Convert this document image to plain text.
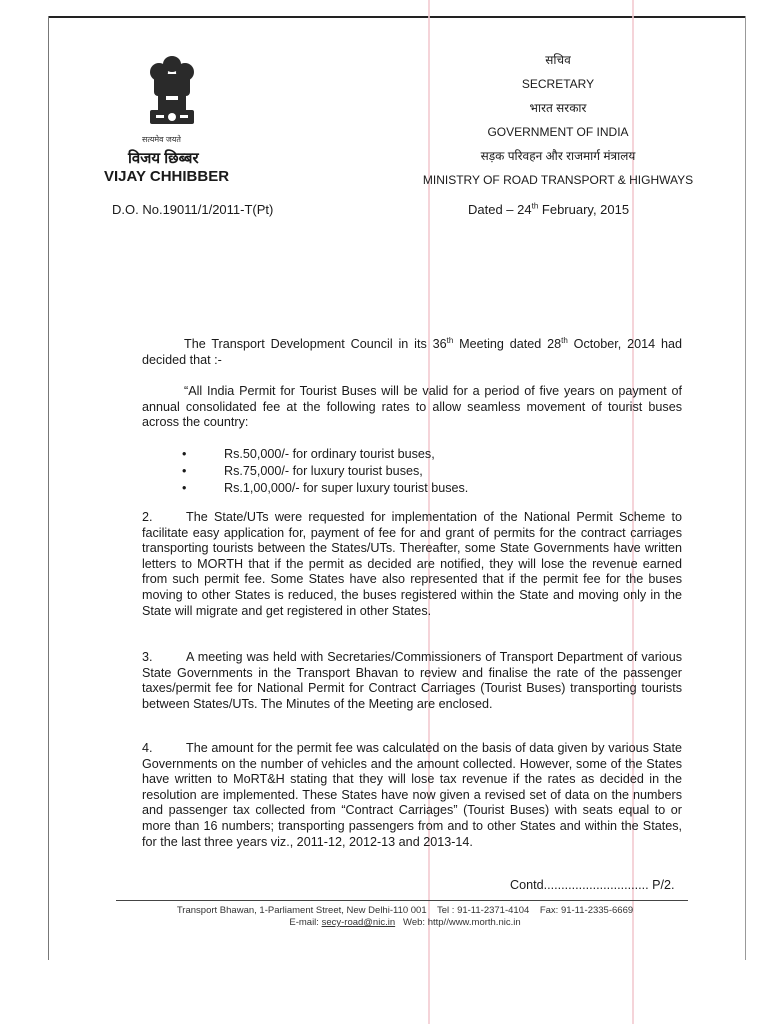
सत्यमेव जयते
विजय छिब्बर
VIJAY CHHIBBER
D.O. No.19011/1/2011-T(Pt)
सचिव
SECRETARY
भारत सरकार
GOVERNMENT OF INDIA
सड़क परिवहन और राजमार्ग मंत्रालय
MINISTRY OF ROAD TRANSPORT & HIGHWAYS
Dated – 24th February, 2015
The Transport Development Council in its 36th Meeting dated 28th October, 2014 had decided that :-
“All India Permit for Tourist Buses will be valid for a period of five years on payment of annual consolidated fee at the following rates to allow seamless movement of tourist buses across the country:
• Rs.50,000/- for ordinary tourist buses,
• Rs.75,000/- for luxury tourist buses,
• Rs.1,00,000/- for super luxury tourist buses.
2.	The State/UTs were requested for implementation of the National Permit Scheme to facilitate easy application for, payment of fee for and grant of permits for the contract carriages transporting tourists between the States/UTs. Thereafter, some State Governments have written letters to MORTH that if the permit as decided are notified, they will lose the revenue earned from such permit fee. Some States have also represented that if the permit fee for the buses moving to other States is reduced, the buses registered within the State and moving only in the State will migrate and get registered in other States.
3.	A meeting was held with Secretaries/Commissioners of Transport Department of various State Governments in the Transport Bhavan to review and finalise the rate of the passenger taxes/permit fee for National Permit for Contract Carriages (Tourist Buses) transporting tourists between States/UTs. The Minutes of the Meeting are enclosed.
4.	The amount for the permit fee was calculated on the basis of data given by various State Governments on the number of vehicles and the amount collected. However, some of the States have written to MoRT&H stating that they will lose tax revenue if the rates as decided in the resolution are implemented. These States have now given a revised set of data on the numbers and passenger tax collected from “Contract Carriages” (Tourist Buses) with seats equal to or more than 16 numbers; transporting passengers from and to other States and within the States, for the last three years viz., 2011-12, 2012-13 and 2013-14.
Contd.............................. P/2.
Transport Bhawan, 1-Parliament Street, New Delhi-110 001 Tel : 91-11-2371-4104 Fax: 91-11-2335-6669
E-mail: secy-road@nic.in Web: http//www.morth.nic.in
